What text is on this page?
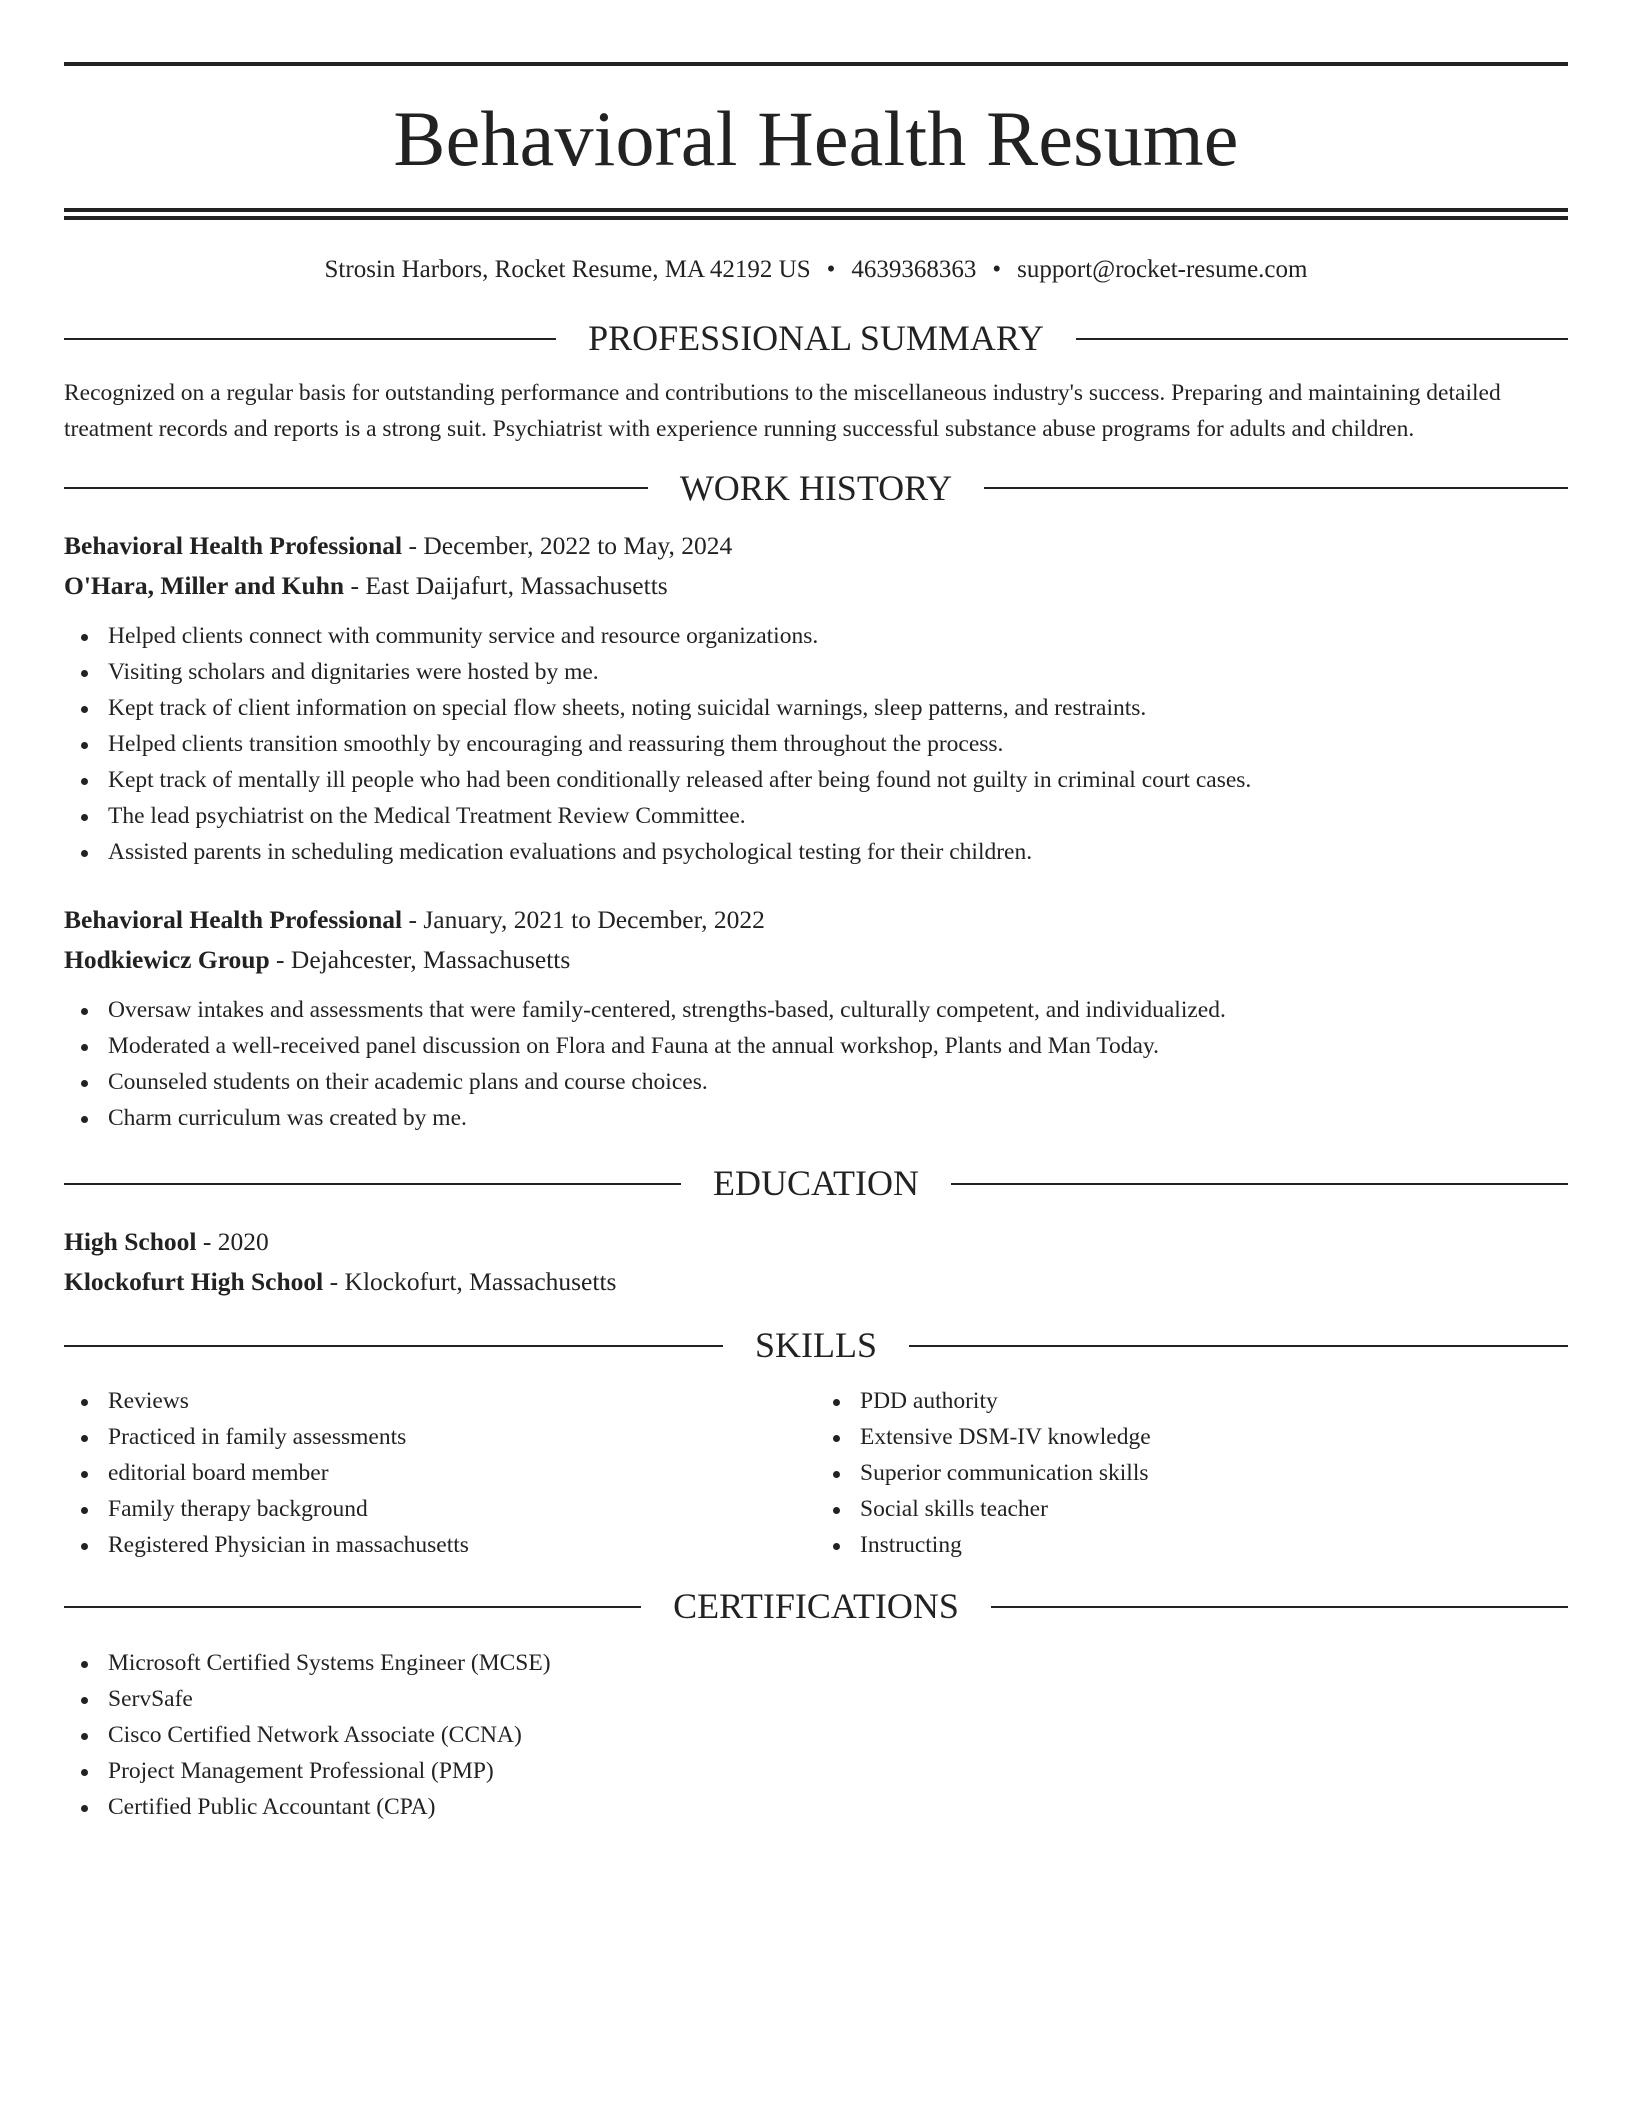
Behavioral Health Resume
Strosin Harbors, Rocket Resume, MA 42192 US • 4639368363 • support@rocket-resume.com
PROFESSIONAL SUMMARY

Recognized on a regular basis for outstanding performance and contributions to the miscellaneous industry's success. Preparing and maintaining detailed treatment records and reports is a strong suit. Psychiatrist with experience running successful substance abuse programs for adults and children.

WORK HISTORY
Behavioral Health Professional - December, 2022 to May, 2024
O'Hara, Miller and Kuhn - East Daijafurt, Massachusetts
Helped clients connect with community service and resource organizations.
Visiting scholars and dignitaries were hosted by me.
Kept track of client information on special flow sheets, noting suicidal warnings, sleep patterns, and restraints.
Helped clients transition smoothly by encouraging and reassuring them throughout the process.
Kept track of mentally ill people who had been conditionally released after being found not guilty in criminal court cases.
The lead psychiatrist on the Medical Treatment Review Committee.
Assisted parents in scheduling medication evaluations and psychological testing for their children.
Behavioral Health Professional - January, 2021 to December, 2022
Hodkiewicz Group - Dejahcester, Massachusetts
Oversaw intakes and assessments that were family-centered, strengths-based, culturally competent, and individualized.
Moderated a well-received panel discussion on Flora and Fauna at the annual workshop, Plants and Man Today.
Counseled students on their academic plans and course choices.
Charm curriculum was created by me.
EDUCATION
High School - 2020
Klockofurt High School - Klockofurt, Massachusetts
SKILLS
Reviews
Practiced in family assessments
editorial board member
Family therapy background
Registered Physician in massachusetts
PDD authority
Extensive DSM-IV knowledge
Superior communication skills
Social skills teacher
Instructing
CERTIFICATIONS
Microsoft Certified Systems Engineer (MCSE)
ServSafe
Cisco Certified Network Associate (CCNA)
Project Management Professional (PMP)
Certified Public Accountant (CPA)
